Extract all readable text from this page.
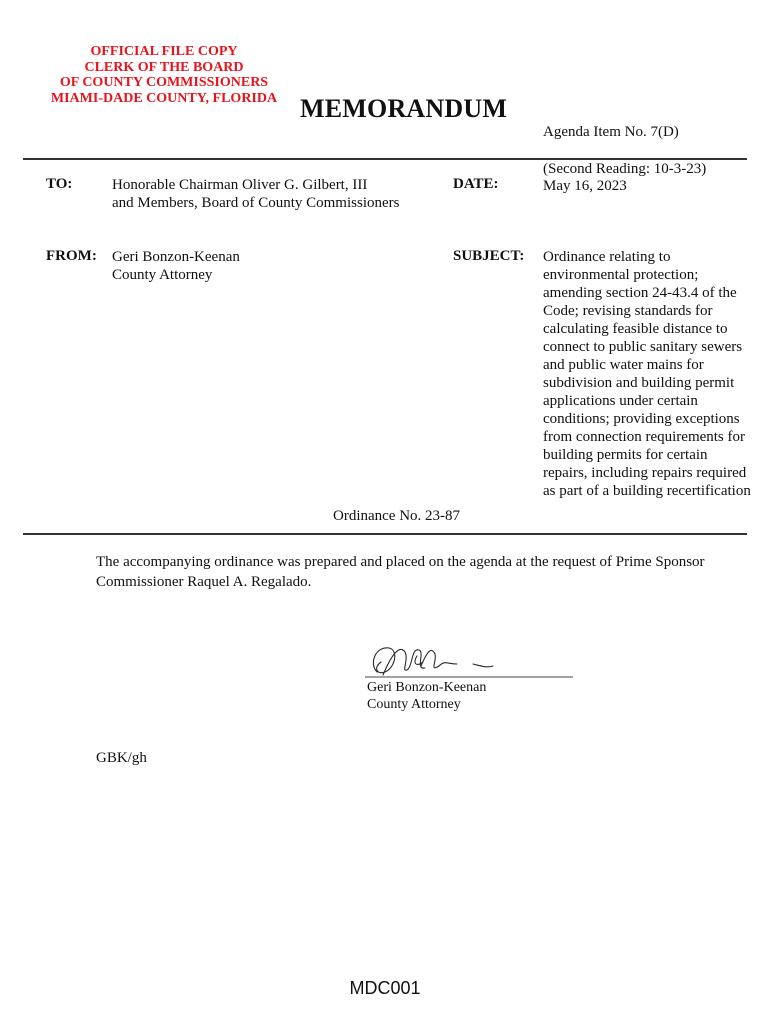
OFFICIAL FILE COPY
CLERK OF THE BOARD
OF COUNTY COMMISSIONERS
MIAMI-DADE COUNTY, FLORIDA MEMORANDUM
Agenda Item No. 7(D)
TO:	Honorable Chairman Oliver G. Gilbert, III
and Members, Board of County Commissioners
DATE:
(Second Reading: 10-3-23)
May 16, 2023
FROM: Geri Bonzon-Keenan
County Attorney
SUBJECT: Ordinance relating to environmental protection; amending section 24-43.4 of the Code; revising standards for calculating feasible distance to connect to public sanitary sewers and public water mains for subdivision and building permit applications under certain conditions; providing exceptions from connection requirements for building permits for certain repairs, including repairs required as part of a building recertification
Ordinance No. 23-87
The accompanying ordinance was prepared and placed on the agenda at the request of Prime Sponsor Commissioner Raquel A. Regalado.
Geri Bonzon-Keenan
County Attorney
GBK/gh
MDC001
